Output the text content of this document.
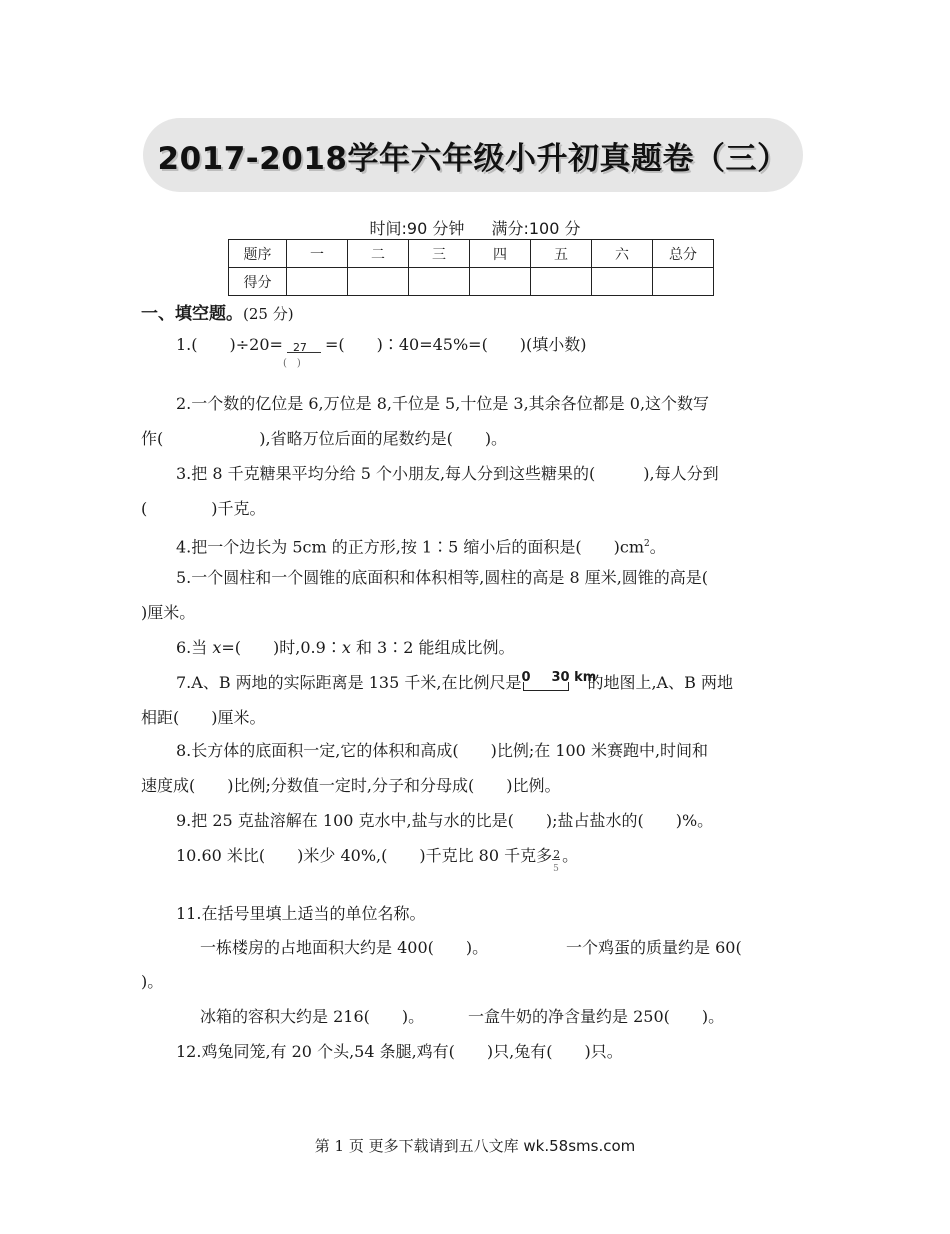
2017-2018学年六年级小升初真题卷（三）
时间:90 分钟 满分:100 分
题序	一	二	三	四	五	六	总分
得分							
一、填空题。(25 分)
1.(　　)$\div 20= \frac{27}{( )}$ =(　　)∶40=45%=(　　)(填小数)
2.一个数的亿位是 6,万位是 8,千位是 5,十位是 3,其余各位都是 0,这个数写
作(　　　　　　),省略万位后面的尾数约是(　　)。
3.把 8 千克糖果平均分给 5 个小朋友,每人分到这些糖果的(　　　),每人分到
(　　　　)千克。
4.把一个边长为 5cm 的正方形,按 1∶5 缩小后的面积是(　　)$cm^2$。
5.一个圆柱和一个圆锥的底面积和体积相等,圆柱的高是 8 厘米,圆锥的高是(
)厘米。
6.当 x=(　　)时,0.9∶x 和 3∶2 能组成比例。
7.A、B 两地的实际距离是 135 千米,在比例尺是 0 30 km
的地图上,A、B 两地
相距(　　)厘米。
8.长方体的底面积一定,它的体积和高成(　　)比例;在 100 米赛跑中,时间和
速度成(　　)比例;分数值一定时,分子和分母成(　　)比例。
9.把 25 克盐溶解在 100 克水中,盐与水的比是(　　);盐占盐水的(　　)%。
10.60 米比(　　)米少 40%,(　　)千克比 80 千克多 2
5
。
11.在括号里填上适当的单位名称。
一栋楼房的占地面积大约是 400(　　)。	一个鸡蛋的质量约是 60(
)。
冰箱的容积大约是 216(　　)。	一盒牛奶的净含量约是 250(　　)。
12.鸡兔同笼,有 20 个头,54 条腿,鸡有(　　)只,兔有(　　)只。
第 1 页 更多下载请到五八文库 wk.58sms.com
